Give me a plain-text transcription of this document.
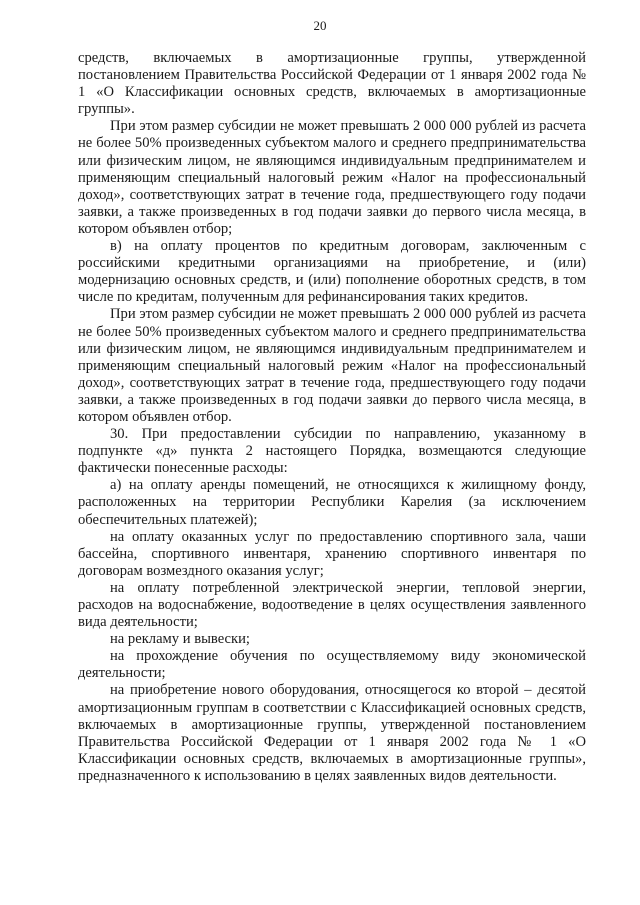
20

средств, включаемых в амортизационные группы, утвержденной постановлением Правительства Российской Федерации от 1 января 2002 года № 1 «О Классификации основных средств, включаемых в амортизационные группы».

При этом размер субсидии не может превышать 2 000 000 рублей из расчета не более 50% произведенных субъектом малого и среднего предпринимательства или физическим лицом, не являющимся индивидуальным предпринимателем и применяющим специальный налоговый режим «Налог на профессиональный доход», соответствующих затрат в течение года, предшествующего году подачи заявки, а также произведенных в год подачи заявки до первого числа месяца, в котором объявлен отбор;

в) на оплату процентов по кредитным договорам, заключенным с российскими кредитными организациями на приобретение, и (или) модернизацию основных средств, и (или) пополнение оборотных средств, в том числе по кредитам, полученным для рефинансирования таких кредитов.

При этом размер субсидии не может превышать 2 000 000 рублей из расчета не более 50% произведенных субъектом малого и среднего предпринимательства или физическим лицом, не являющимся индивидуальным предпринимателем и применяющим специальный налоговый режим «Налог на профессиональный доход», соответствующих затрат в течение года, предшествующего году подачи заявки, а также произведенных в год подачи заявки до первого числа месяца, в котором объявлен отбор.

30. При предоставлении субсидии по направлению, указанному в подпункте «д» пункта 2 настоящего Порядка, возмещаются следующие фактически понесенные расходы:

а) на оплату аренды помещений, не относящихся к жилищному фонду, расположенных на территории Республики Карелия (за исключением обеспечительных платежей);

на оплату оказанных услуг по предоставлению спортивного зала, чаши бассейна, спортивного инвентаря, хранению спортивного инвентаря по договорам возмездного оказания услуг;

на оплату потребленной электрической энергии, тепловой энергии, расходов на водоснабжение, водоотведение в целях осуществления заявленного вида деятельности;

на рекламу и вывески;

на прохождение обучения по осуществляемому виду экономической деятельности;

на приобретение нового оборудования, относящегося ко второй – десятой амортизационным группам в соответствии с Классификацией основных средств, включаемых в амортизационные группы, утвержденной постановлением Правительства Российской Федерации от 1 января 2002 года № 1 «О Классификации основных средств, включаемых в амортизационные группы», предназначенного к использованию в целях заявленных видов деятельности.
